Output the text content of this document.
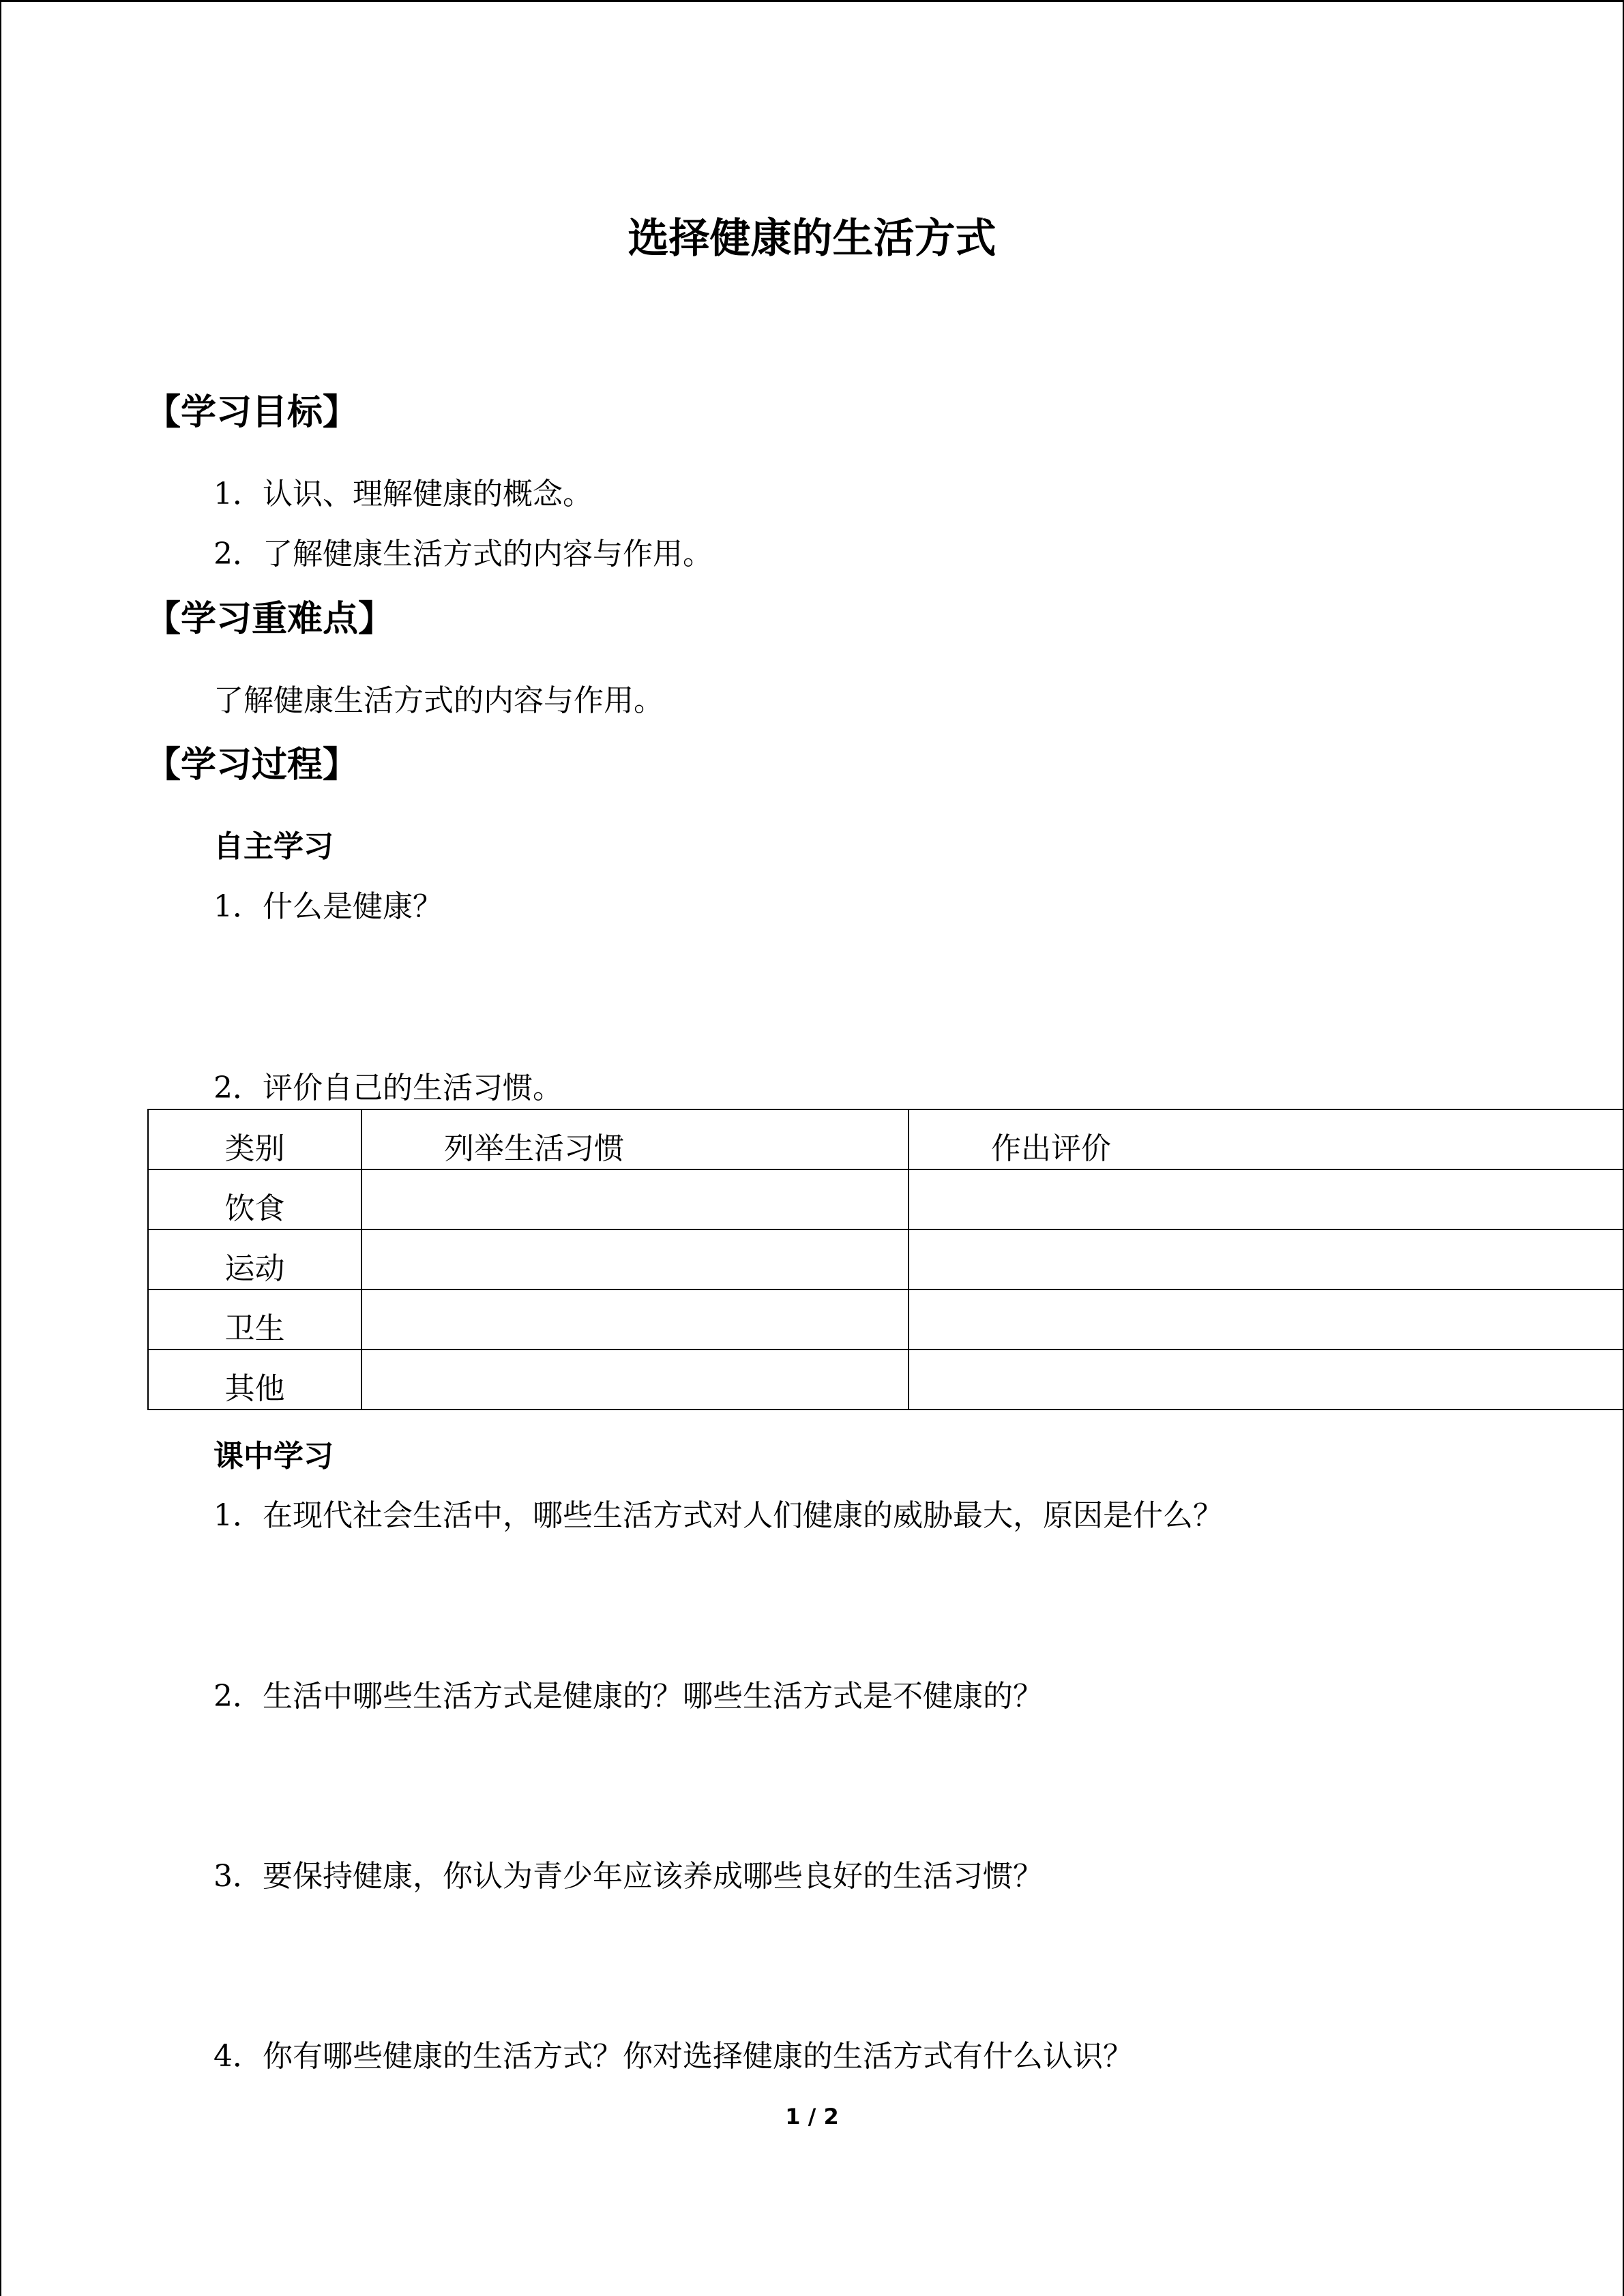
选择健康的生活方式
【学习目标】
1．认识、理解健康的概念。
2．了解健康生活方式的内容与作用。
【学习重难点】
了解健康生活方式的内容与作用。
【学习过程】
自主学习
1．什么是健康？
2．评价自己的生活习惯。
类别	列举生活习惯	作出评价
饮食		
运动		
卫生		
其他		
课中学习
1．在现代社会生活中，哪些生活方式对人们健康的威胁最大，原因是什么？
2．生活中哪些生活方式是健康的？哪些生活方式是不健康的？
3．要保持健康，你认为青少年应该养成哪些良好的生活习惯？
4．你有哪些健康的生活方式？你对选择健康的生活方式有什么认识？
1 / 2
